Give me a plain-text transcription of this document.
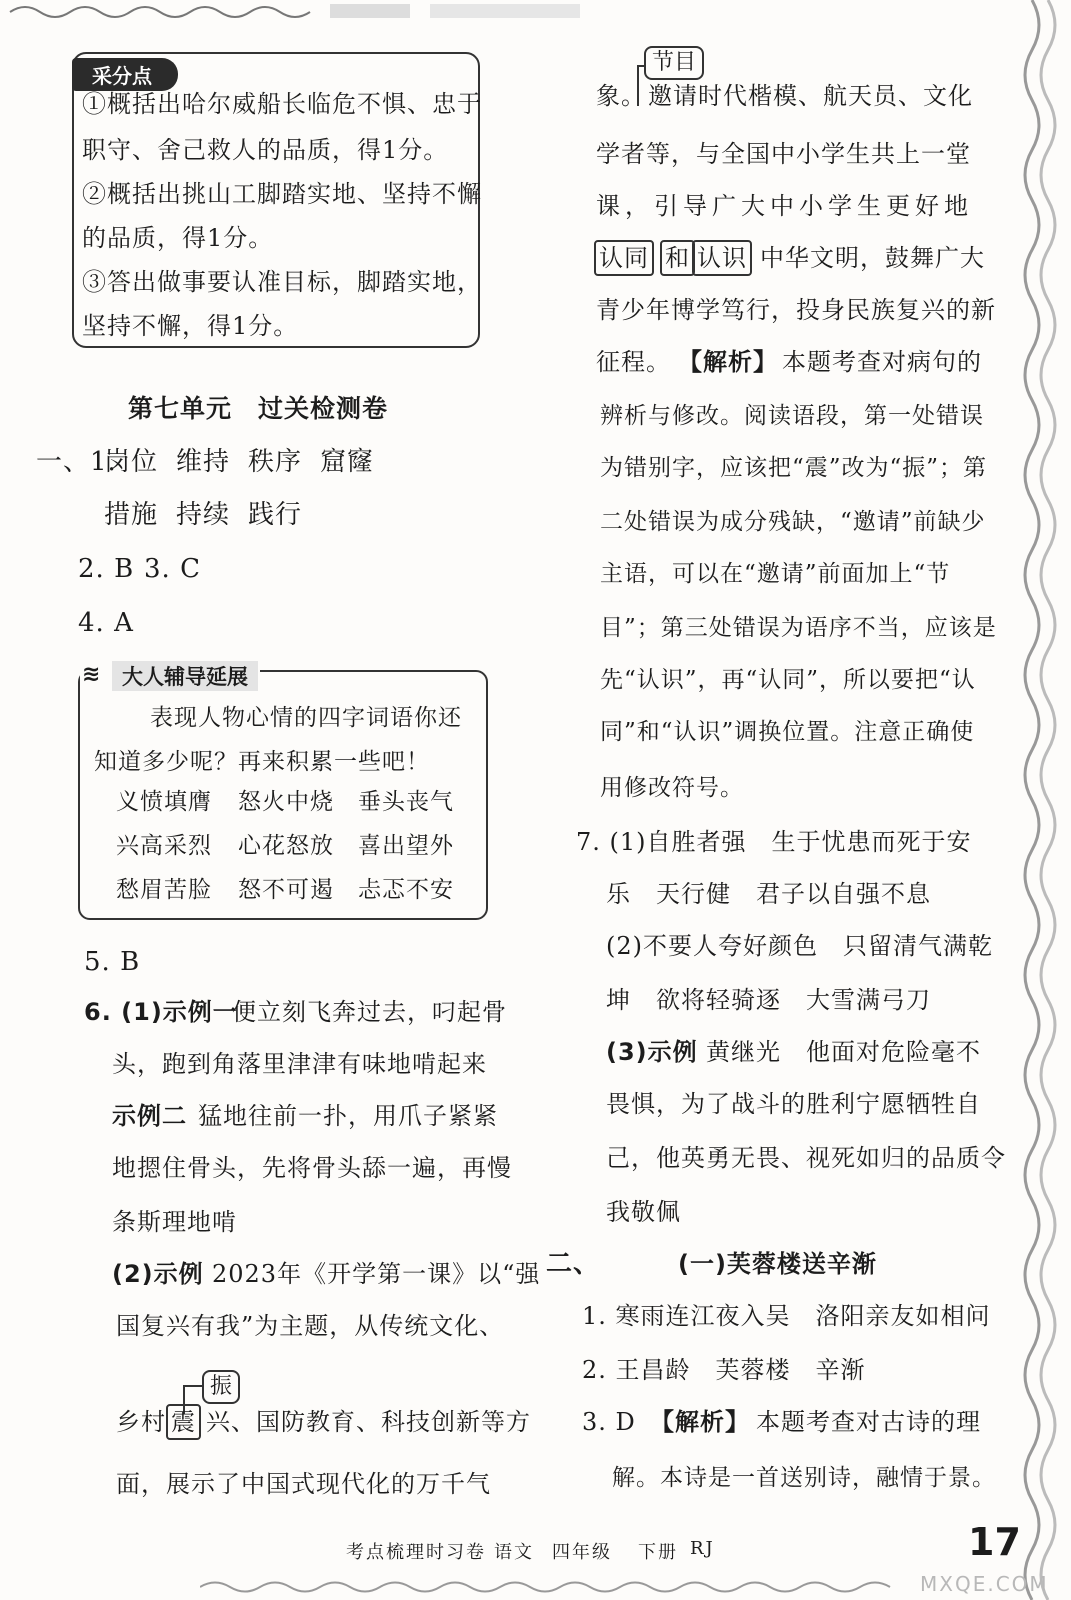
采分点
①概括出哈尔威船长临危不惧、忠于
职守、舍己救人的品质，得1分。
②概括出挑山工脚踏实地、坚持不懈
的品质，得1分。
③答出做事要认准目标，脚踏实地，
坚持不懈，得1分。
第七单元　过关检测卷
一、1.
岗位 维持 秩序 窟窿
措施 持续 践行
2. B 3. C
4. A
≋	大人辅导延展
表现人物心情的四字词语你还
知道多少呢？再来积累一些吧！
义愤填膺 怒火中烧 垂头丧气
兴高采烈 心花怒放 喜出望外
愁眉苦脸 怒不可遏 忐忑不安
5. B
6. (1)示例一
便立刻飞奔过去，叼起骨
头，跑到角落里津津有味地啃起来
示例二 猛地往前一扑，用爪子紧紧
地摁住骨头，先将骨头舔一遍，再慢
条斯理地啃
(2)示例 2023年《开学第一课》以“强
国复兴有我”为主题，从传统文化、
振
乡村 震 兴、国防教育、科技创新等方
面，展示了中国式现代化的万千气
节目
象。 邀请时代楷模、航天员、文化
学者等，与全国中小学生共上一堂
课，引导广大中小学生更好地
认同 和 认识 中华文明，鼓舞广大
青少年博学笃行，投身民族复兴的新
征程。 【解析】 本题考查对病句的
辨析与修改。阅读语段，第一处错误
为错别字，应该把“震”改为“振”；第
二处错误为成分残缺，“邀请”前缺少
主语，可以在“邀请”前面加上“节
目”；第三处错误为语序不当，应该是
先“认识”，再“认同”，所以要把“认
同”和“认识”调换位置。注意正确使
用修改符号。
7. (1)自胜者强　生于忧患而死于安
乐　天行健　君子以自强不息
(2)不要人夸好颜色　只留清气满乾
坤　欲将轻骑逐　大雪满弓刀
(3)示例 黄继光　他面对危险毫不
畏惧，为了战斗的胜利宁愿牺牲自
己，他英勇无畏、视死如归的品质令
我敬佩
二、	(一)芙蓉楼送辛渐
1. 寒雨连江夜入吴　洛阳亲友如相问
2. 王昌龄　芙蓉楼　辛渐
3. D 【解析】 本题考查对古诗的理
解。本诗是一首送别诗，融情于景。
考点梳理时习卷 语文 四年级 下册 RJ	17
MXQE.COM
